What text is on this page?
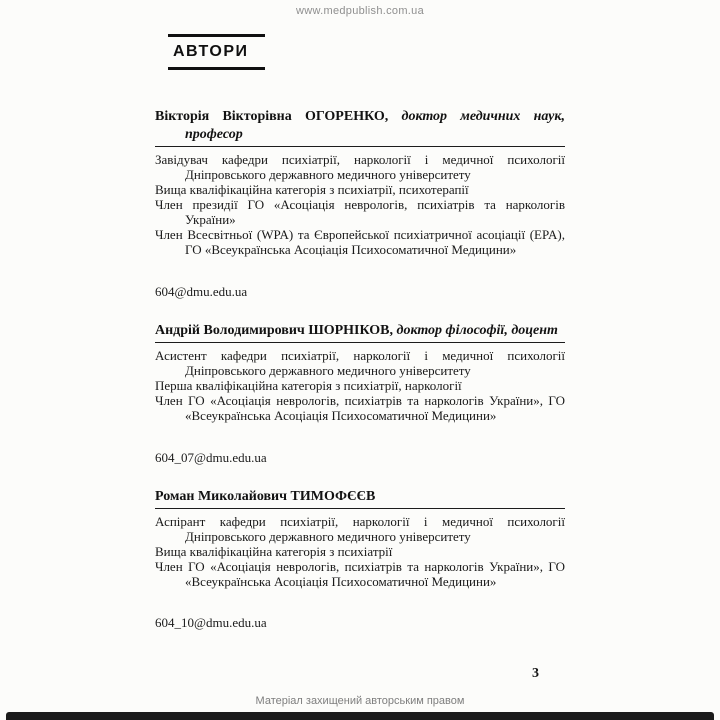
www.medpublish.com.ua
АВТОРИ
Вікторія Вікторівна ОГОРЕНКО, доктор медичних наук, професор

Завідувач кафедри психіатрії, наркології і медичної психології Дніпровського державного медичного університету

Вища кваліфікаційна категорія з психіатрії, психотерапії

Член президії ГО «Асоціація неврологів, психіатрів та наркологів України»

Член Всесвітньої (WPA) та Європейської психіатричної асоціації (EPA), ГО «Всеукраїнська Асоціація Психосоматичної Медицини»

604@dmu.edu.ua

Андрій Володимирович ШОРНІКОВ, доктор філософії, доцент

Асистент кафедри психіатрії, наркології і медичної психології Дніпровського державного медичного університету

Перша кваліфікаційна категорія з психіатрії, наркології

Член ГО «Асоціація неврологів, психіатрів та наркологів України», ГО «Всеукраїнська Асоціація Психосоматичної Медицини»

604_07@dmu.edu.ua

Роман Миколайович ТИМОФЄЄВ

Аспірант кафедри психіатрії, наркології і медичної психології Дніпровського державного медичного університету

Вища кваліфікаційна категорія з психіатрії

Член ГО «Асоціація неврологів, психіатрів та наркологів України», ГО «Всеукраїнська Асоціація Психосоматичної Медицини»

604_10@dmu.edu.ua

3
Матеріал захищений авторським правом
